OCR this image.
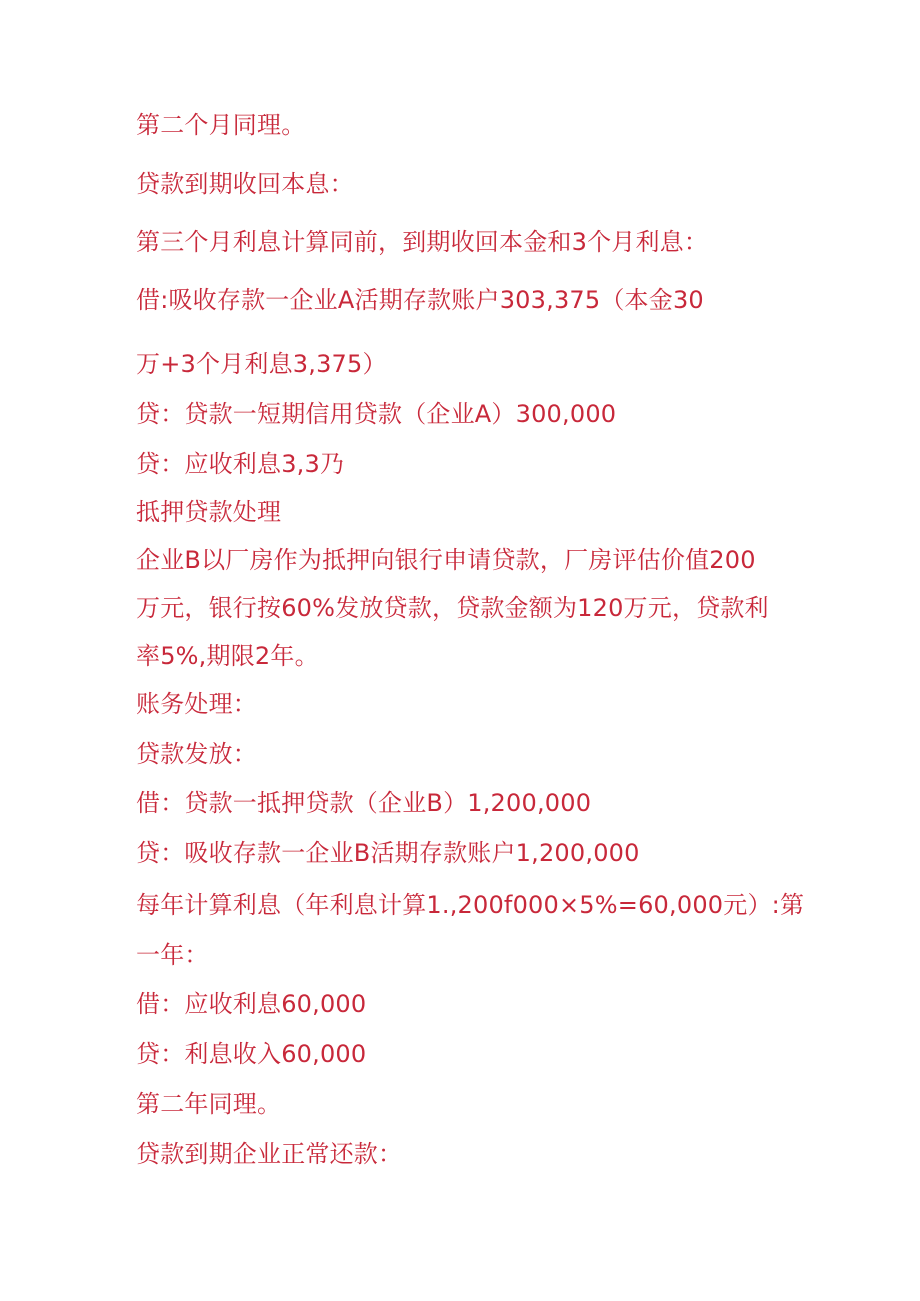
第二个月同理。
贷款到期收回本息：
第三个月利息计算同前，到期收回本金和3个月利息：
借:吸收存款一企业A活期存款账户303,375（本金30
万+3个月利息3,375）
贷：贷款一短期信用贷款（企业A）300,000
贷：应收利息3,3乃
抵押贷款处理
企业B以厂房作为抵押向银行申请贷款，厂房评估价值200
万元，银行按60%发放贷款，贷款金额为120万元，贷款利
率5%,期限2年。
账务处理：
贷款发放：
借：贷款一抵押贷款（企业B）1,200,000
贷：吸收存款一企业B活期存款账户1,200,000
每年计算利息（年利息计算1.,200f000×5%=60,000元）:第
一年：
借：应收利息60,000
贷：利息收入60,000
第二年同理。
贷款到期企业正常还款：
